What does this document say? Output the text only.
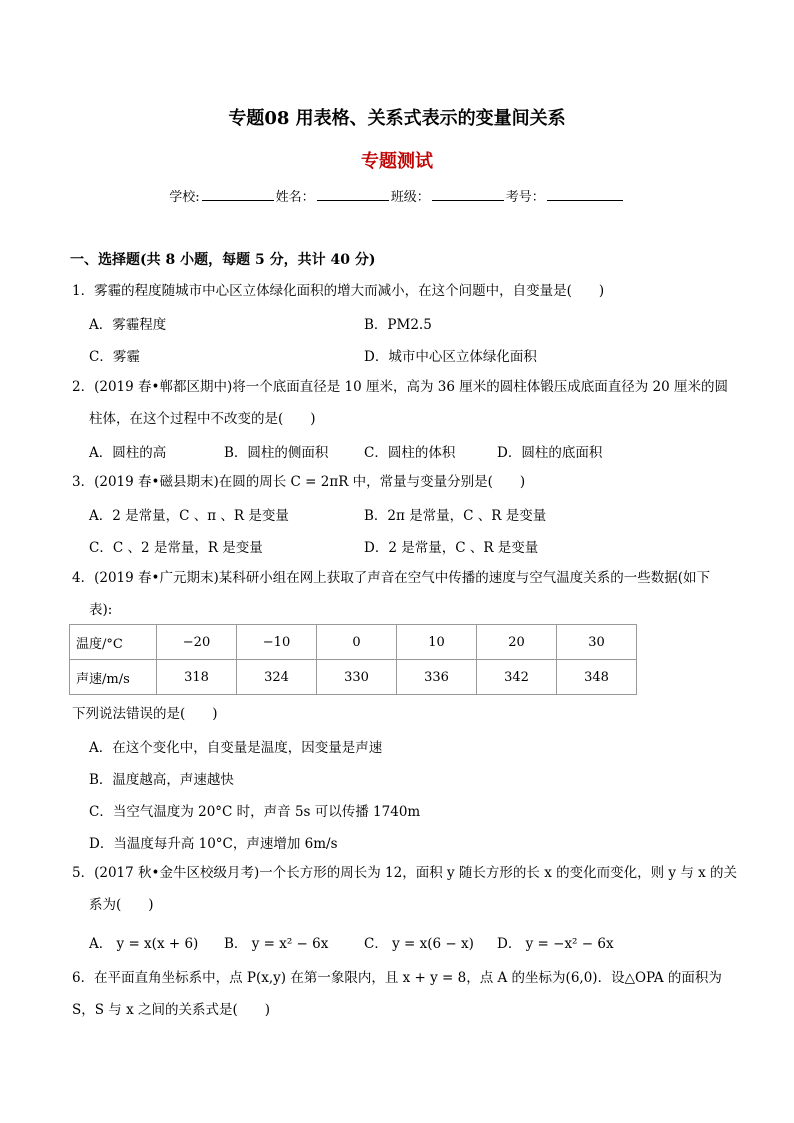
专题08 用表格、关系式表示的变量间关系
专题测试
学校:	姓名：	班级：	考号：
一、选择题(共 8 小题，每题 5 分，共计 40 分)
1．雾霾的程度随城市中心区立体绿化面积的增大而减小，在这个问题中，自变量是(　　)
A．雾霾程度	B．PM2.5
C．雾霾	D．城市中心区立体绿化面积
2．(2019 春•郸都区期中)将一个底面直径是 10 厘米，高为 36 厘米的圆柱体锻压成底面直径为 20 厘米的圆
柱体，在这个过程中不改变的是(　　)
A．圆柱的高	B．圆柱的侧面积	C．圆柱的体积	D．圆柱的底面积
3．(2019 春•磁县期末)在圆的周长 C = 2πR 中，常量与变量分别是(　　)
A．2 是常量，C 、π 、R 是变量	B．2π 是常量，C 、R 是变量
C．C 、2 是常量，R 是变量	D．2 是常量，C 、R 是变量
4．(2019 春•广元期末)某科研小组在网上获取了声音在空气中传播的速度与空气温度关系的一些数据(如下
表):
温度/°C	−20	−10	0	10	20	30
声速/m/s	318	324	330	336	342	348
下列说法错误的是(　　)
A．在这个变化中，自变量是温度，因变量是声速
B．温度越高，声速越快
C．当空气温度为 20°C 时，声音 5s 可以传播 1740m
D．当温度每升高 10°C，声速增加 6m/s
5．(2017 秋•金牛区校级月考)一个长方形的周长为 12，面积 y 随长方形的长 x 的变化而变化，则 y 与 x 的关
系为(　　)
A． y = x(x + 6) B． y = x² − 6x	C． y = x(6 − x) D． y = −x² − 6x
6．在平面直角坐标系中，点 P(x,y) 在第一象限内，且 x + y = 8，点 A 的坐标为(6,0)．设△OPA 的面积为
S，S 与 x 之间的关系式是(　　)
